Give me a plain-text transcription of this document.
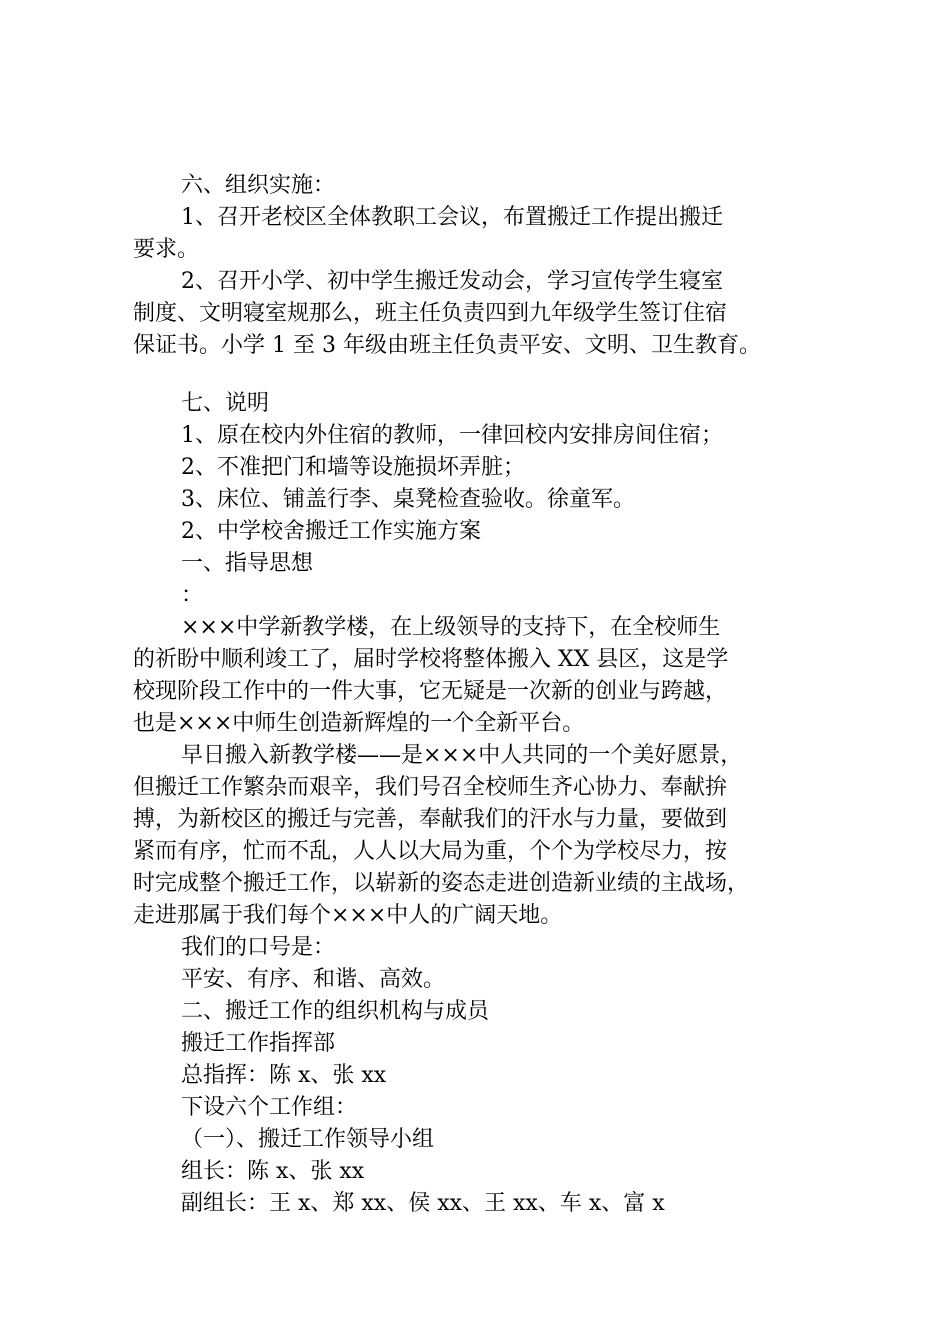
六、组织实施：
1、召开老校区全体教职工会议，布置搬迁工作提出搬迁
要求。
2、召开小学、初中学生搬迁发动会，学习宣传学生寝室
制度、文明寝室规那么，班主任负责四到九年级学生签订住宿
保证书。小学 1 至 3 年级由班主任负责平安、文明、卫生教育。
七、说明
1、原在校内外住宿的教师，一律回校内安排房间住宿；
2、不准把门和墙等设施损坏弄脏；
3、床位、铺盖行李、桌凳检查验收。徐童军。
2、中学校舍搬迁工作实施方案
一、指导思想
：
×××中学新教学楼，在上级领导的支持下，在全校师生
的祈盼中顺利竣工了，届时学校将整体搬入 XX 县区，这是学
校现阶段工作中的一件大事，它无疑是一次新的创业与跨越，
也是×××中师生创造新辉煌的一个全新平台。
早日搬入新教学楼——是×××中人共同的一个美好愿景，
但搬迁工作繁杂而艰辛，我们号召全校师生齐心协力、奉献拚
搏，为新校区的搬迁与完善，奉献我们的汗水与力量，要做到
紧而有序，忙而不乱，人人以大局为重，个个为学校尽力，按
时完成整个搬迁工作，以崭新的姿态走进创造新业绩的主战场，
走进那属于我们每个×××中人的广阔天地。
我们的口号是：
平安、有序、和谐、高效。
二、搬迁工作的组织机构与成员
搬迁工作指挥部
总指挥：陈 x、张 xx
下设六个工作组：
（一）、搬迁工作领导小组
组长：陈 x、张 xx
副组长：王 x、郑 xx、侯 xx、王 xx、车 x、富 x
